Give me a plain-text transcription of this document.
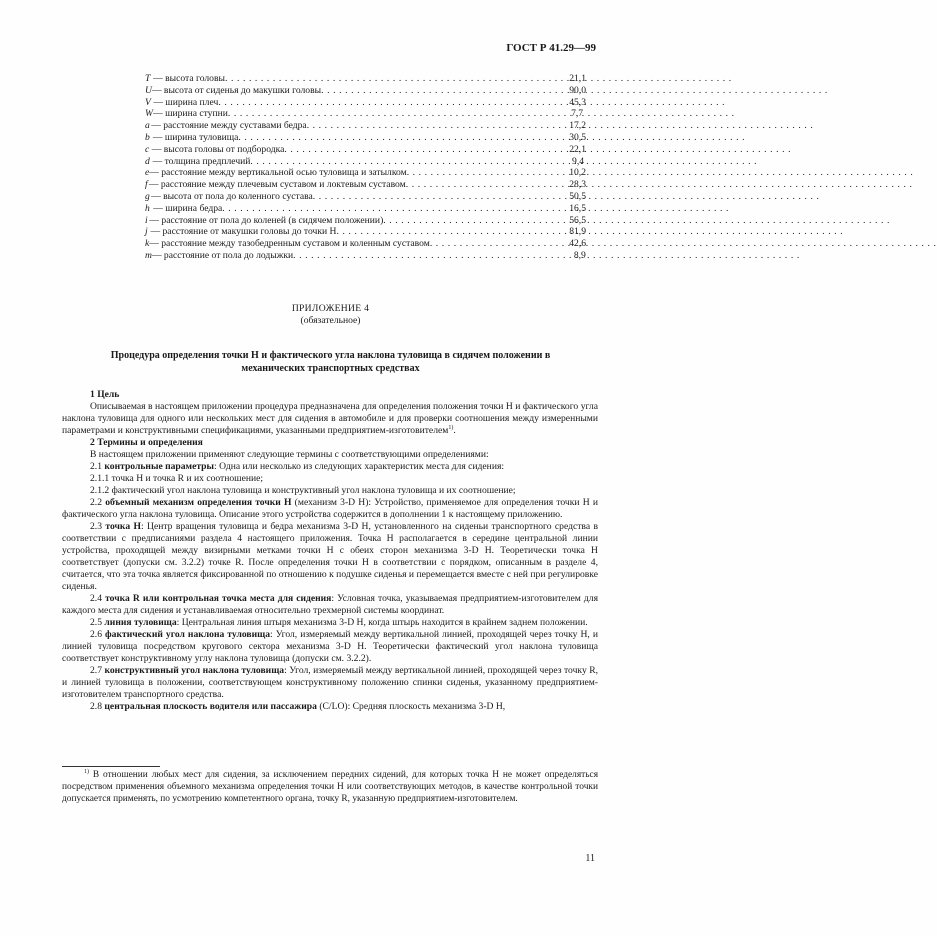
ГОСТ Р 41.29—99
T — высота головы . . .	21,1
U — высота от сиденья до макушки головы . . .	90,0
V — ширина плеч . . .	45,3
W — ширина ступни . . .	7,7
a — расстояние между суставами бедра . . .	17,2
b — ширина туловища . . .	30,5
c — высота головы от подбородка . . .	22,1
d — толщина предплечий . . .	9,4
e — расстояние между вертикальной осью туловища и затылком . . .	10,2
f — расстояние между плечевым суставом и локтевым суставом . . .	28,3
g — высота от пола до коленного сустава . . .	50,5
h — ширина бедра . . .	16,5
i — расстояние от пола до коленей (в сидячем положении) . . .	56,5
j — расстояние от макушки головы до точки H . . .	81,9
k — расстояние между тазобедренным суставом и коленным суставом . . .	42,6
m — расстояние от пола до лодыжки . . .	8,9
ПРИЛОЖЕНИЕ 4
(обязательное)
Процедура определения точки H и фактического угла наклона туловища в сидячем положении в механических транспортных средствах

1 Цель

Описываемая в настоящем приложении процедура предназначена для определения положения точки H и фактического угла наклона туловища для одного или нескольких мест для сидения в автомобиле и для проверки соотношения между измеренными параметрами и конструктивными спецификациями, указанными предприятием-изготовителем$^{1)}$.

2 Термины и определения

В настоящем приложении применяют следующие термины с соответствующими определениями:

2.1 контрольные параметры: Одна или несколько из следующих характеристик места для сидения:

2.1.1 точка H и точка R и их соотношение;

2.1.2 фактический угол наклона туловища и конструктивный угол наклона туловища и их соотношение;

2.2 объемный механизм определения точки H (механизм 3-D H): Устройство, применяемое для определения точки H и фактического угла наклона туловища. Описание этого устройства содержится в дополнении 1 к настоящему приложению.

2.3 точка H: Центр вращения туловища и бедра механизма 3-D H, установленного на сиденьи транспортного средства в соответствии с предписаниями раздела 4 настоящего приложения. Точка H располагается в середине центральной линии устройства, проходящей между визирными метками точки H с обеих сторон механизма 3-D H. Теоретически точка H соответствует (допуски см. 3.2.2) точке R. После определения точки H в соответствии с порядком, описанным в разделе 4, считается, что эта точка является фиксированной по отношению к подушке сиденья и перемещается вместе с ней при регулировке сиденья.

2.4 точка R или контрольная точка места для сидения: Условная точка, указываемая предприятием-изготовителем для каждого места для сидения и устанавливаемая относительно трехмерной системы координат.

2.5 линия туловища: Центральная линия штыря механизма 3-D H, когда штырь находится в крайнем заднем положении.

2.6 фактический угол наклона туловища: Угол, измеряемый между вертикальной линией, проходящей через точку H, и линией туловища посредством кругового сектора механизма 3-D H. Теоретически фактический угол наклона туловища соответствует конструктивному углу наклона туловища (допуски см. 3.2.2).

2.7 конструктивный угол наклона туловища: Угол, измеряемый между вертикальной линией, проходящей через точку R, и линией туловища в положении, соответствующем конструктивному положению спинки сиденья, указанному предприятием-изготовителем транспортного средства.

2.8 центральная плоскость водителя или пассажира (C/LO): Средняя плоскость механизма 3-D H,

$^{1)}$ В отношении любых мест для сидения, за исключением передних сидений, для которых точка H не может определяться посредством применения объемного механизма определения точки H или соответствующих методов, в качестве контрольной точки допускается применять, по усмотрению компетентного органа, точку R, указанную предприятием-изготовителем.

11
